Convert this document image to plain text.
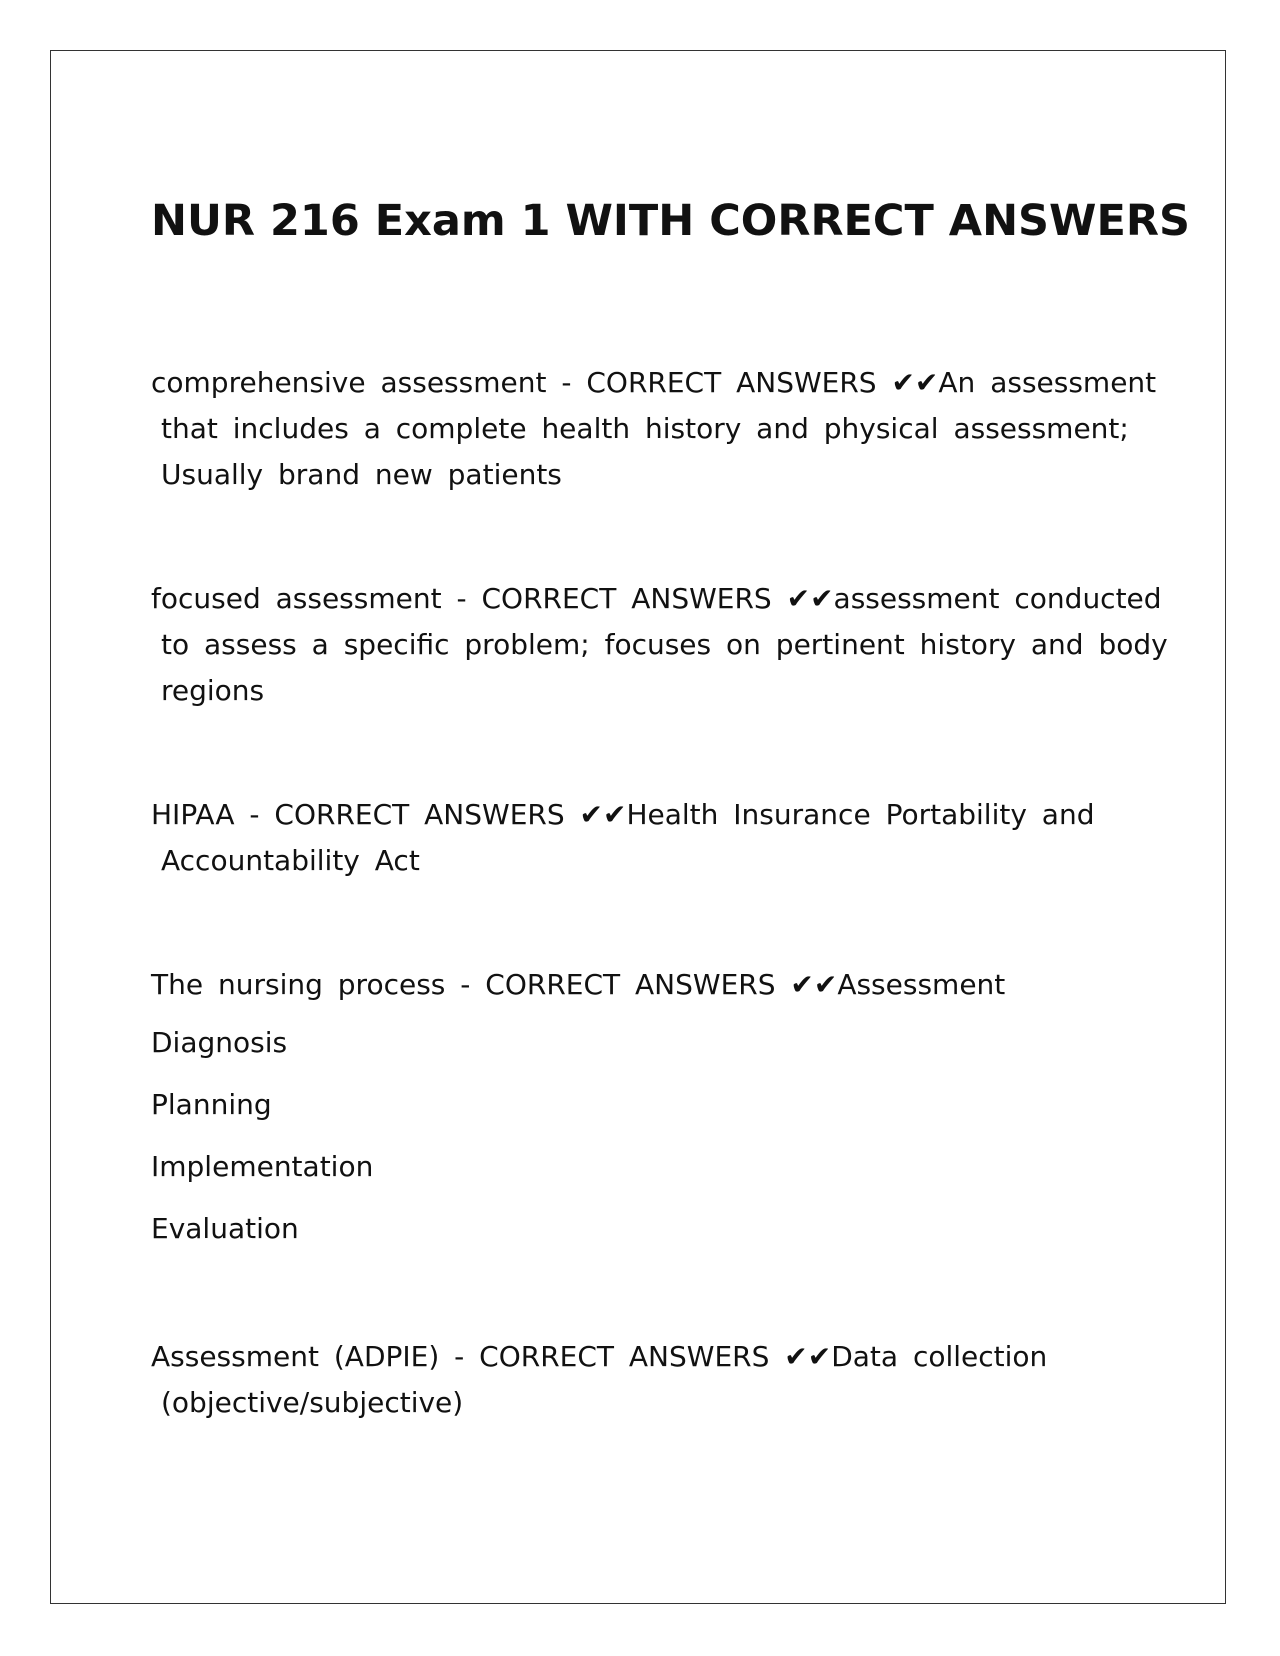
NUR 216 Exam 1 WITH CORRECT ANSWERS

comprehensive assessment - CORRECT ANSWERS ✔✔An assessment
that includes a complete health history and physical assessment;
Usually brand new patients

focused assessment - CORRECT ANSWERS ✔✔assessment conducted
to assess a specific problem; focuses on pertinent history and body
regions

HIPAA - CORRECT ANSWERS ✔✔Health Insurance Portability and
Accountability Act

The nursing process - CORRECT ANSWERS ✔✔Assessment
Diagnosis
Planning
Implementation
Evaluation

Assessment (ADPIE) - CORRECT ANSWERS ✔✔Data collection
(objective/subjective)
